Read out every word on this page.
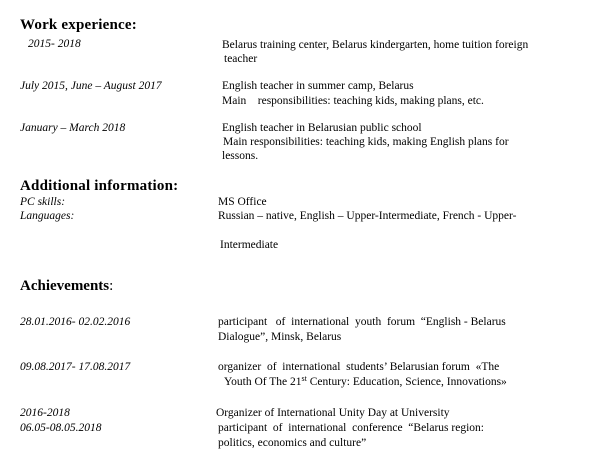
Work experience:
2015- 2018	Belarus training center, Belarus kindergarten, home tuition foreign
teacher
July 2015, June – August 2017	English teacher in summer camp, Belarus
Main    responsibilities: teaching kids, making plans, etc.
January – March 2018	English teacher in Belarusian public school
Main responsibilities: teaching kids, making English plans for
lessons.
Additional information:
PC skills:	MS Office
Languages:	Russian – native, English – Upper-Intermediate, French - Upper-
Intermediate
Achievements:
28.01.2016- 02.02.2016	participant   of  international  youth  forum  “English - Belarus
Dialogue”, Minsk, Belarus
09.08.2017- 17.08.2017	organizer  of  international  students’ Belarusian forum  «The
Youth Of The 21st Century: Education, Science, Innovations»
2016-2018	Organizer of International Unity Day at University
06.05-08.05.2018	participant  of  international  conference  “Belarus region:
politics, economics and culture”
